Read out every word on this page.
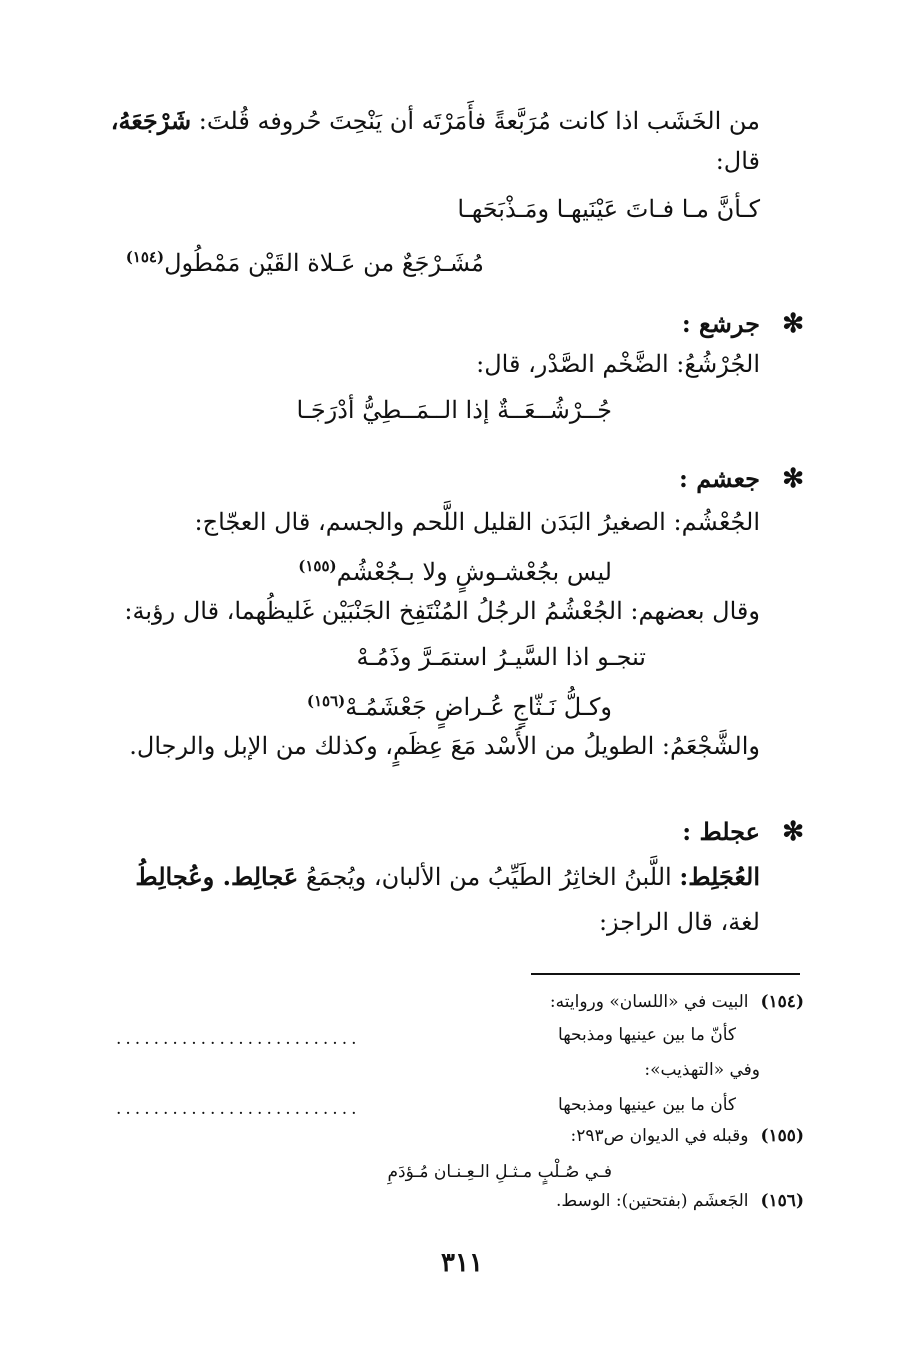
من الخَشَب اذا كانت مُرَبَّعةً فأَمَرْتَه أن يَنْحِتَ حُروفه قُلتَ: شَرْجَعَهُ،
قال:
كـأنَّ مـا فـاتَ عَيْنَيهـا ومَـذْبَحَهـا
مُشَـرْجَعٌ من عَـلاة القَيْن مَمْطُول$^{(١٥٤)}$
✻
جرشع :
الجُرْشُعُ: الضَّخْم الصَّدْر، قال:
جُــرْشُــعَــةٌ إذا الــمَــطِيُّ أدْرَجَـا
✻
جعشم :
الجُعْشُم: الصغيرُ البَدَن القليل اللَّحم والجسم، قال العجّاج:
ليس بجُعْشـوشٍ ولا بـجُعْشُم$^{(١٥٥)}$
وقال بعضهم: الجُعْشُمُ الرجُلُ المُنْتَفِخ الجَنْبَيْن غَليظُهما، قال رؤبة:
تنجـو اذا السَّيـرُ استمَـرَّ وذَمُـهْ
وكـلُّ نَـثّاجٍ عُـراضٍ جَعْشَمُـهْ$^{(١٥٦)}$
والشَّجْعَمُ: الطويلُ من الأَسْد مَعَ عِظَمٍ، وكذلك من الإبل والرجال.
✻
عجلط :
العُجَلِط: اللَّبنُ الخاثِرُ الطَيِّبُ من الألبان، ويُجمَعُ عَجالِط. وعُجالِطُ
لغة، قال الراجز:
(١٥٤)البيت في «اللسان» وروايته:
كأنّ ما بين عينيها ومذبحها
..........................
وفي «التهذيب»:
كأن ما بين عينيها ومذبحها
..........................
(١٥٥)وقبله في الديوان ص٢٩٣:
فـي صُـلْبٍ مـثـلِ الـعِـنـان مُـؤدَمِ
(١٥٦)الجَعشَم (بفتحتين): الوسط.
٣١١
